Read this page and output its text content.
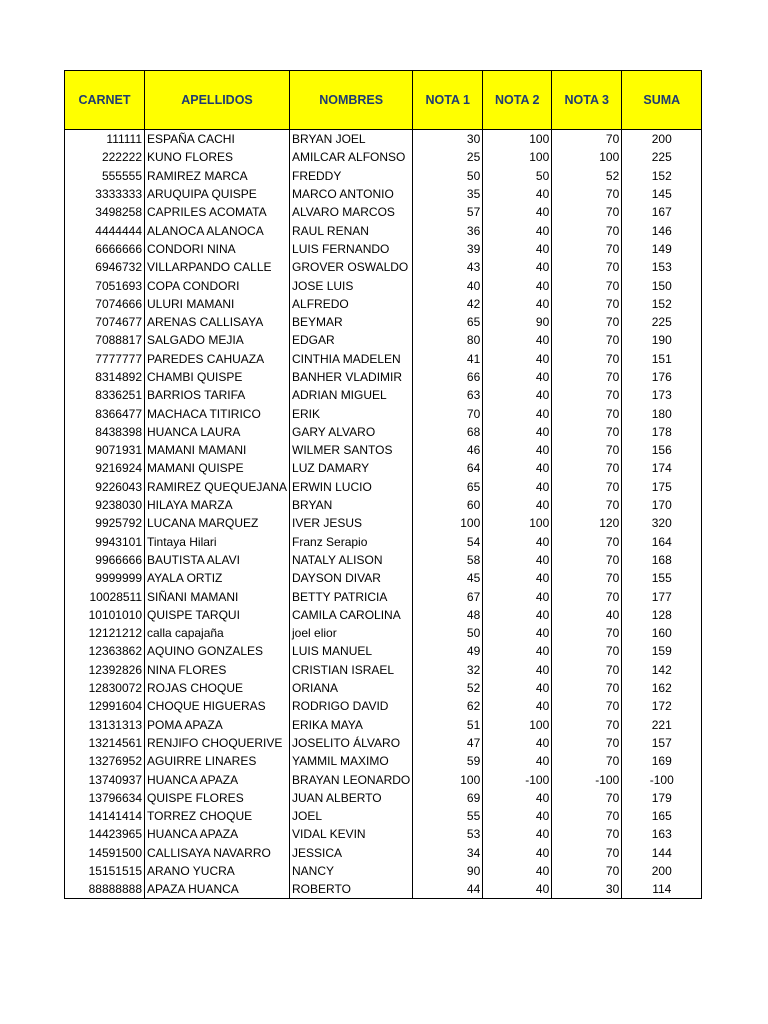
CARNET	APELLIDOS	NOMBRES	NOTA 1	NOTA 2	NOTA 3	SUMA
111111	ESPAÑA CACHI	BRYAN JOEL	30	100	70	200
222222	KUNO FLORES	AMILCAR ALFONSO	25	100	100	225
555555	RAMIREZ MARCA	FREDDY	50	50	52	152
3333333	ARUQUIPA QUISPE	MARCO ANTONIO	35	40	70	145
3498258	CAPRILES ACOMATA	ALVARO MARCOS	57	40	70	167
4444444	ALANOCA ALANOCA	RAUL RENAN	36	40	70	146
6666666	CONDORI NINA	LUIS FERNANDO	39	40	70	149
6946732	VILLARPANDO CALLE	GROVER OSWALDO	43	40	70	153
7051693	COPA CONDORI	JOSE LUIS	40	40	70	150
7074666	ULURI MAMANI	ALFREDO	42	40	70	152
7074677	ARENAS CALLISAYA	BEYMAR	65	90	70	225
7088817	SALGADO MEJIA	EDGAR	80	40	70	190
7777777	PAREDES CAHUAZA	CINTHIA MADELEN	41	40	70	151
8314892	CHAMBI QUISPE	BANHER VLADIMIR	66	40	70	176
8336251	BARRIOS TARIFA	ADRIAN MIGUEL	63	40	70	173
8366477	MACHACA TITIRICO	ERIK	70	40	70	180
8438398	HUANCA LAURA	GARY ALVARO	68	40	70	178
9071931	MAMANI MAMANI	WILMER SANTOS	46	40	70	156
9216924	MAMANI QUISPE	LUZ DAMARY	64	40	70	174
9226043	RAMIREZ QUEQUEJANA	ERWIN LUCIO	65	40	70	175
9238030	HILAYA MARZA	BRYAN	60	40	70	170
9925792	LUCANA MARQUEZ	IVER JESUS	100	100	120	320
9943101	Tintaya Hilari	Franz Serapio	54	40	70	164
9966666	BAUTISTA ALAVI	NATALY ALISON	58	40	70	168
9999999	AYALA ORTIZ	DAYSON DIVAR	45	40	70	155
10028511	SIÑANI MAMANI	BETTY PATRICIA	67	40	70	177
10101010	QUISPE TARQUI	CAMILA CAROLINA	48	40	40	128
12121212	calla capajaña	joel elior	50	40	70	160
12363862	AQUINO GONZALES	LUIS MANUEL	49	40	70	159
12392826	NINA FLORES	CRISTIAN ISRAEL	32	40	70	142
12830072	ROJAS CHOQUE	ORIANA	52	40	70	162
12991604	CHOQUE HIGUERAS	RODRIGO DAVID	62	40	70	172
13131313	POMA APAZA	ERIKA MAYA	51	100	70	221
13214561	RENJIFO CHOQUERIVE	JOSELITO ÁLVARO	47	40	70	157
13276952	AGUIRRE LINARES	YAMMIL MAXIMO	59	40	70	169
13740937	HUANCA APAZA	BRAYAN LEONARDO	100	-100	-100	-100
13796634	QUISPE FLORES	JUAN ALBERTO	69	40	70	179
14141414	TORREZ CHOQUE	JOEL	55	40	70	165
14423965	HUANCA APAZA	VIDAL KEVIN	53	40	70	163
14591500	CALLISAYA NAVARRO	JESSICA	34	40	70	144
15151515	ARANO YUCRA	NANCY	90	40	70	200
88888888	APAZA HUANCA	ROBERTO	44	40	30	114
